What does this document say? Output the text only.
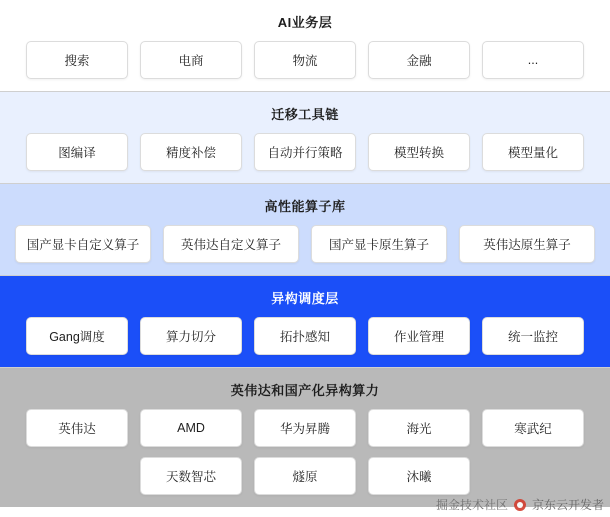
AI业务层
搜索	电商	物流	金融	...
迁移工具链
图编译	精度补偿	自动并行策略	模型转换	模型量化
高性能算子库
国产显卡自定义算子	英伟达自定义算子	国产显卡原生算子	英伟达原生算子
异构调度层
Gang调度	算力切分	拓扑感知	作业管理	统一监控
英伟达和国产化异构算力
英伟达	AMD	华为昇腾	海光	寒武纪
天数智芯	燧原	沐曦
掘金技术社区 京东云开发者
